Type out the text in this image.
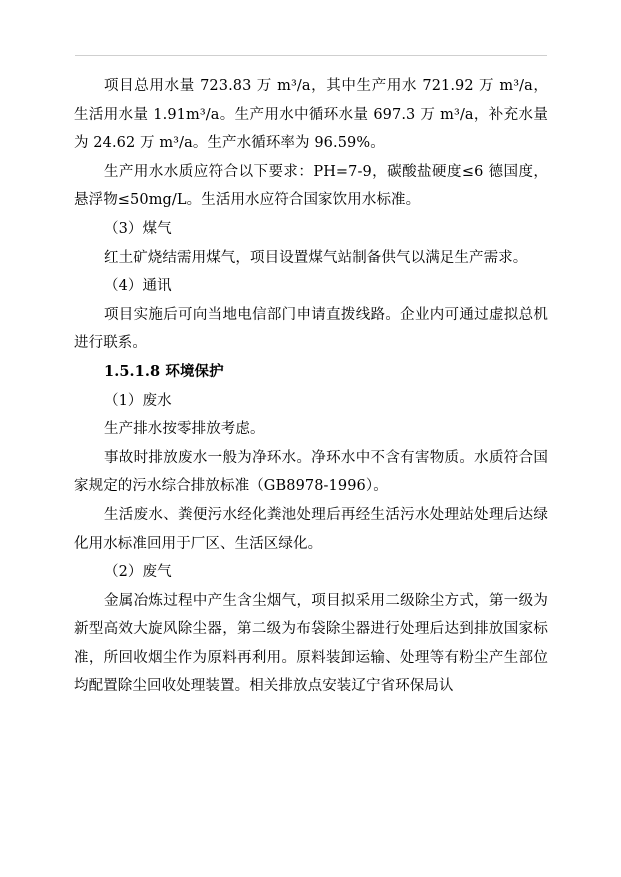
项目总用水量 723.83 万 m³/a，其中生产用水 721.92 万 m³/a，生活用水量 1.91m³/a。生产用水中循环水量 697.3 万 m³/a，补充水量为 24.62 万 m³/a。生产水循环率为 96.59%。

生产用水水质应符合以下要求：PH=7-9，碳酸盐硬度≤6 德国度，悬浮物≤50mg/L。生活用水应符合国家饮用水标准。

（3）煤气

红土矿烧结需用煤气，项目设置煤气站制备供气以满足生产需求。

（4）通讯

项目实施后可向当地电信部门申请直拨线路。企业内可通过虚拟总机进行联系。

1.5.1.8 环境保护

（1）废水

生产排水按零排放考虑。

事故时排放废水一般为净环水。净环水中不含有害物质。水质符合国家规定的污水综合排放标准（GB8978-1996）。

生活废水、粪便污水经化粪池处理后再经生活污水处理站处理后达绿化用水标准回用于厂区、生活区绿化。

（2）废气

金属冶炼过程中产生含尘烟气，项目拟采用二级除尘方式，第一级为新型高效大旋风除尘器，第二级为布袋除尘器进行处理后达到排放国家标准，所回收烟尘作为原料再利用。原料装卸运输、处理等有粉尘产生部位均配置除尘回收处理装置。相关排放点安装辽宁省环保局认
